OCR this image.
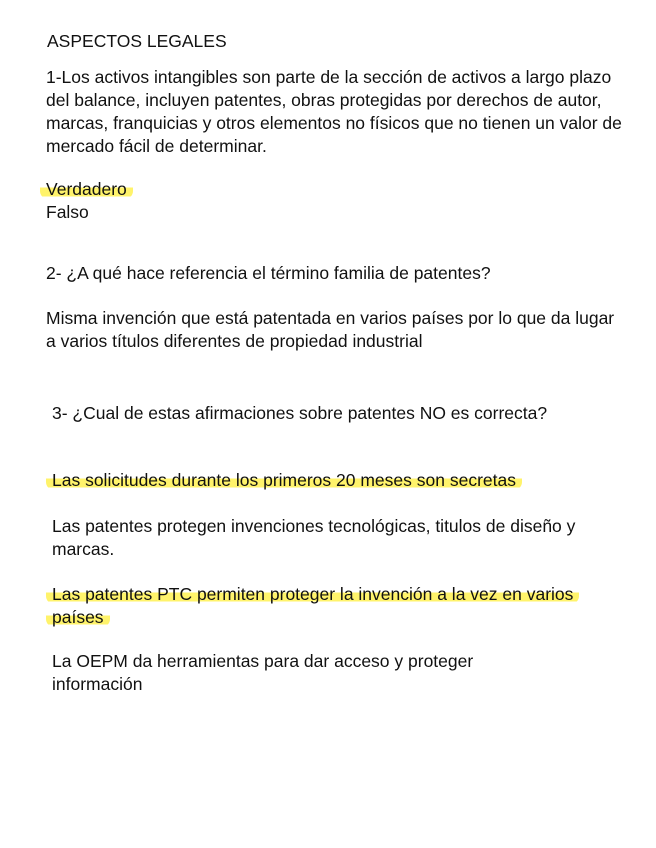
ASPECTOS LEGALES
1-Los activos intangibles son parte de la sección de activos a largo plazo del balance, incluyen patentes, obras protegidas por derechos de autor, marcas, franquicias y otros elementos no físicos que no tienen un valor de mercado fácil de determinar.
Verdadero
Falso
2- ¿A qué hace referencia el término familia de patentes?
Misma invención que está patentada en varios países por lo que da lugar a varios títulos diferentes de propiedad industrial
3- ¿Cual de estas afirmaciones sobre patentes NO es correcta?
Las solicitudes durante los primeros 20 meses son secretas
Las patentes protegen invenciones tecnológicas, titulos de diseño y marcas.
Las patentes PTC permiten proteger la invención a la vez en varios países
La OEPM da herramientas para dar acceso y proteger información
